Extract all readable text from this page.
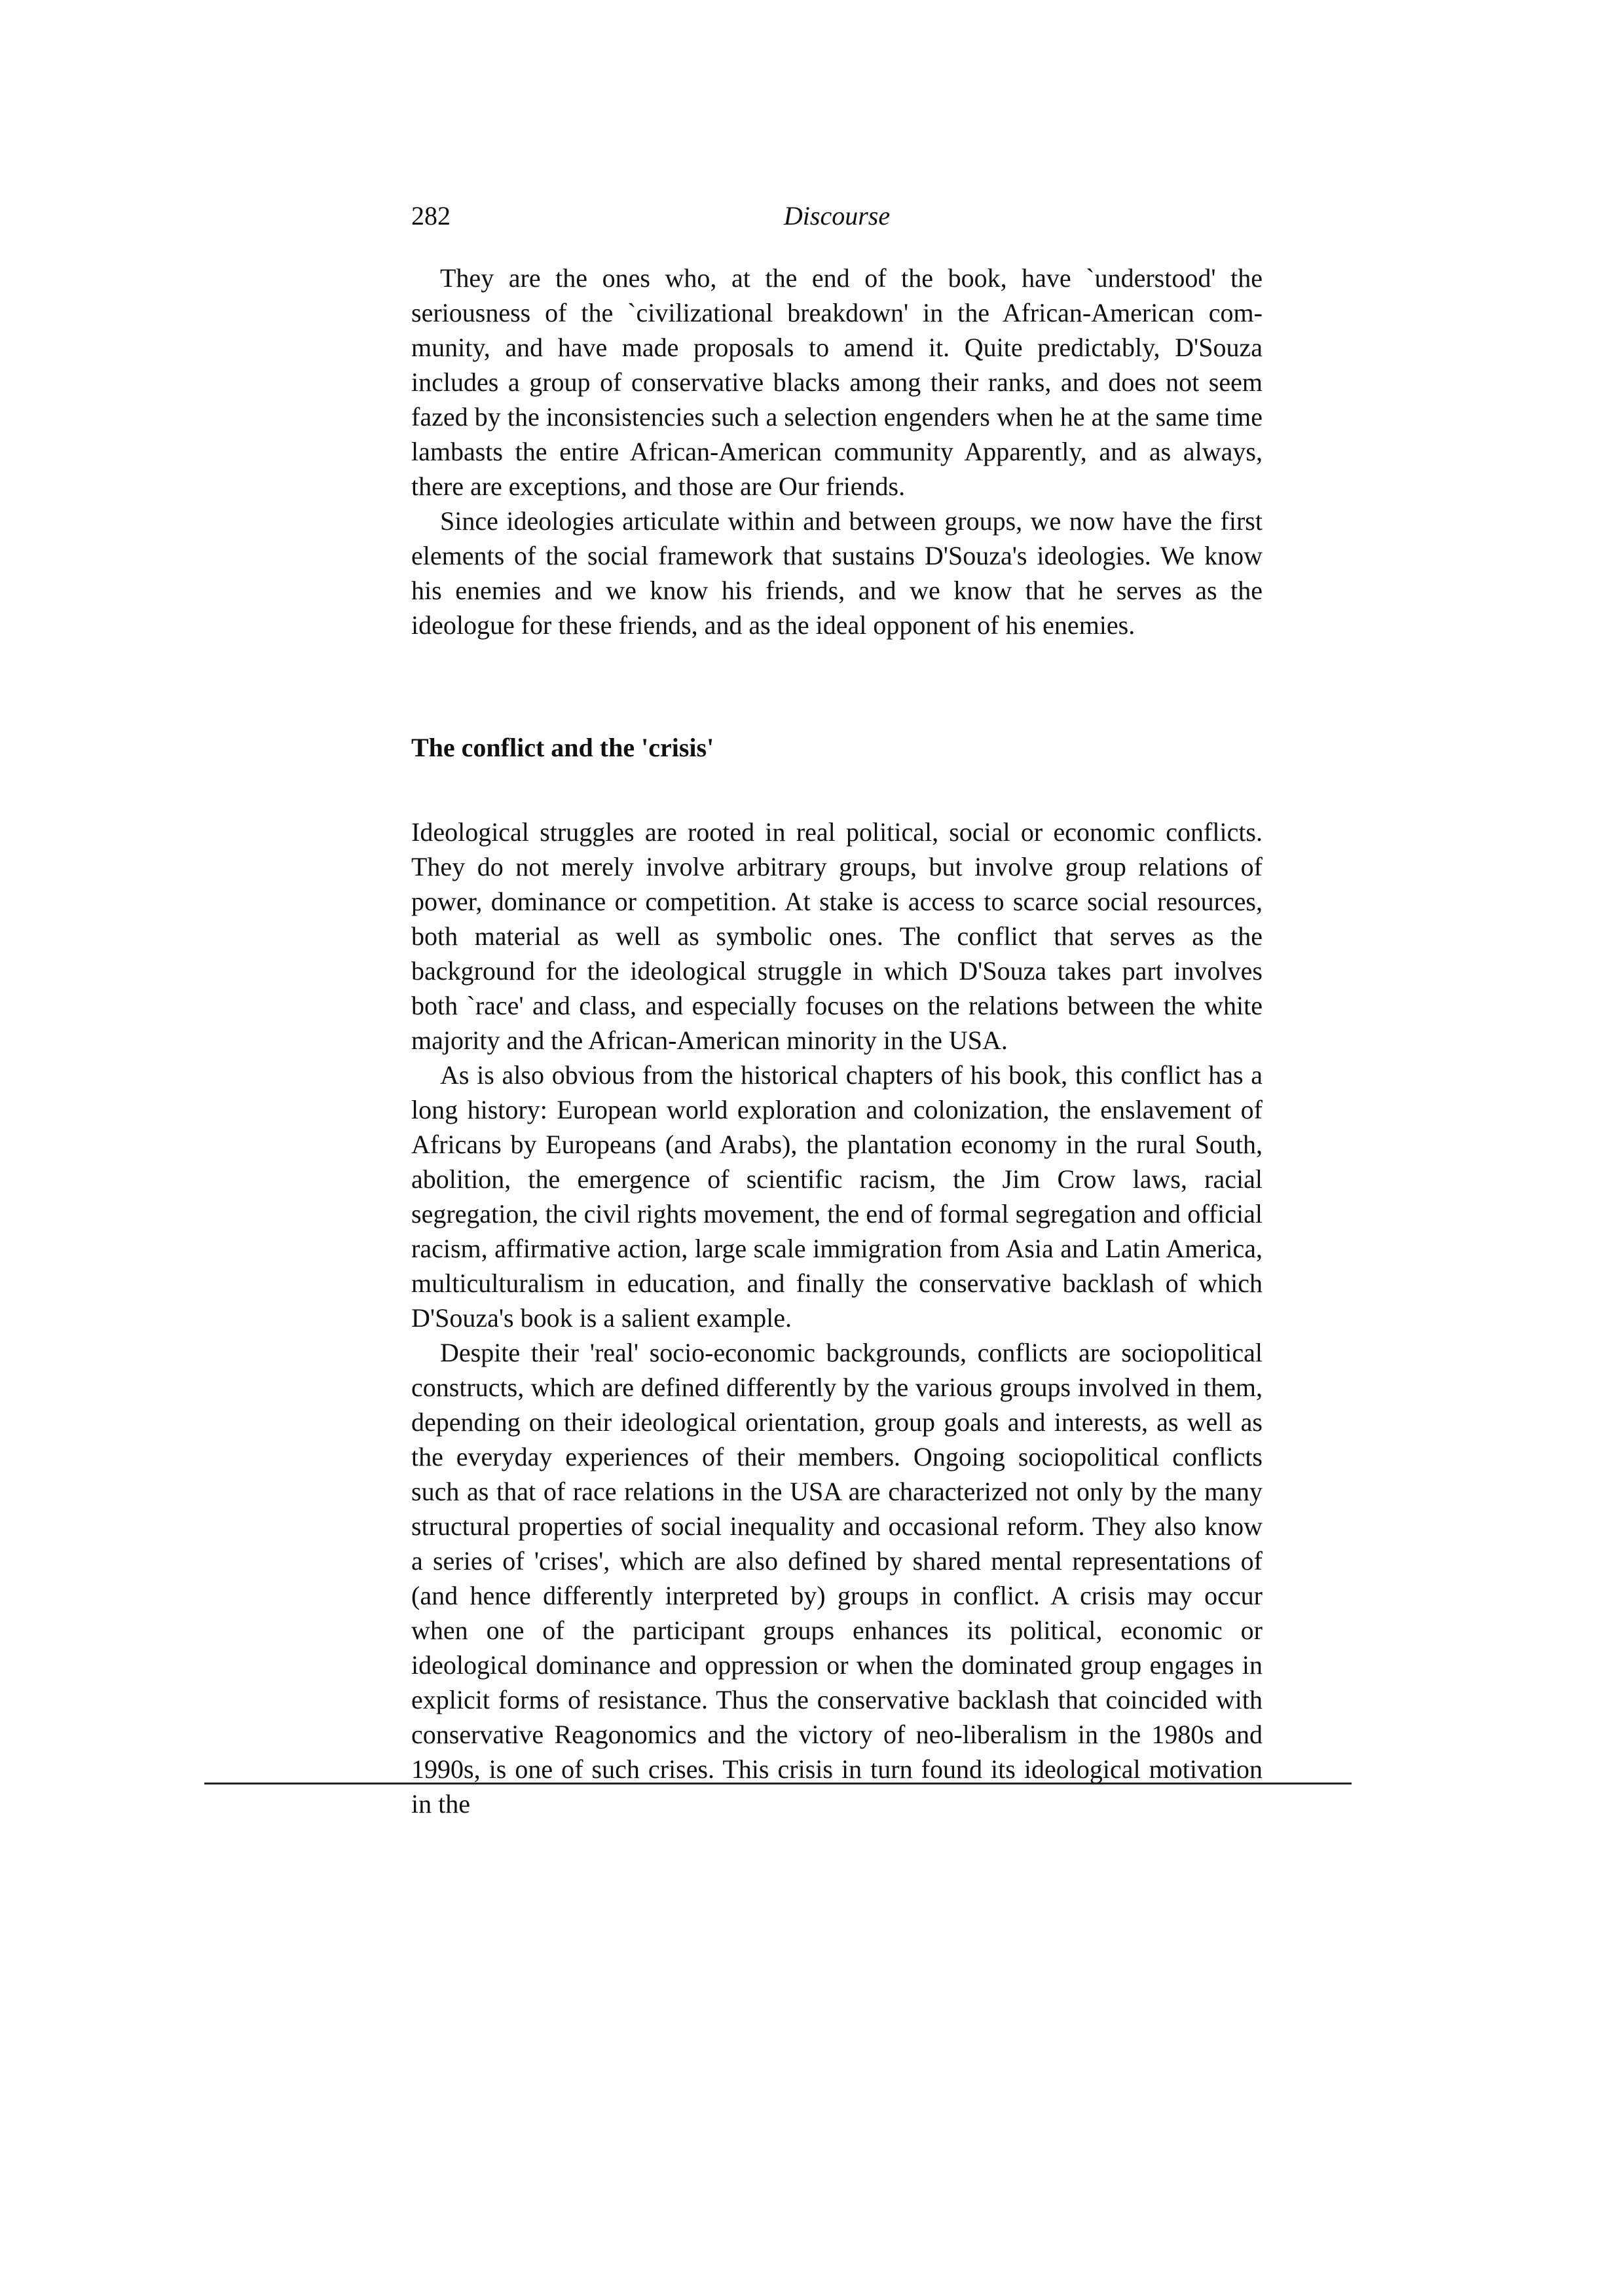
282	Discourse

They are the ones who, at the end of the book, have `understood' the seriousness of the `civilizational breakdown' in the African-American community, and have made proposals to amend it. Quite predictably, D'Souza includes a group of conservative blacks among their ranks, and does not seem fazed by the inconsistencies such a selection engenders when he at the same time lambasts the entire African-American community Apparently, and as always, there are exceptions, and those are Our friends.

Since ideologies articulate within and between groups, we now have the first elements of the social framework that sustains D'Souza's ideologies. We know his enemies and we know his friends, and we know that he serves as the ideologue for these friends, and as the ideal opponent of his enemies.

The conflict and the 'crisis'

Ideological struggles are rooted in real political, social or economic conflicts. They do not merely involve arbitrary groups, but involve group relations of power, dominance or competition. At stake is access to scarce social resources, both material as well as symbolic ones. The conflict that serves as the background for the ideological struggle in which D'Souza takes part involves both `race' and class, and especially focuses on the relations between the white majority and the African-American minority in the USA.

As is also obvious from the historical chapters of his book, this conflict has a long history: European world exploration and colonization, the enslavement of Africans by Europeans (and Arabs), the plantation economy in the rural South, abolition, the emergence of scientific racism, the Jim Crow laws, racial segregation, the civil rights movement, the end of formal segregation and official racism, affirmative action, large scale immigration from Asia and Latin America, multiculturalism in education, and finally the conservative backlash of which D'Souza's book is a salient example.

Despite their 'real' socio-economic backgrounds, conflicts are sociopolitical constructs, which are defined differently by the various groups involved in them, depending on their ideological orientation, group goals and interests, as well as the everyday experiences of their members. Ongoing sociopolitical conflicts such as that of race relations in the USA are characterized not only by the many structural properties of social inequality and occasional reform. They also know a series of 'crises', which are also defined by shared mental representations of (and hence differently interpreted by) groups in conflict. A crisis may occur when one of the participant groups enhances its political, economic or ideological dominance and oppression or when the dominated group engages in explicit forms of resistance. Thus the conservative backlash that coincided with conservative Reagonomics and the victory of neo-liberalism in the 1980s and 1990s, is one of such crises. This crisis in turn found its ideological motivation in the
